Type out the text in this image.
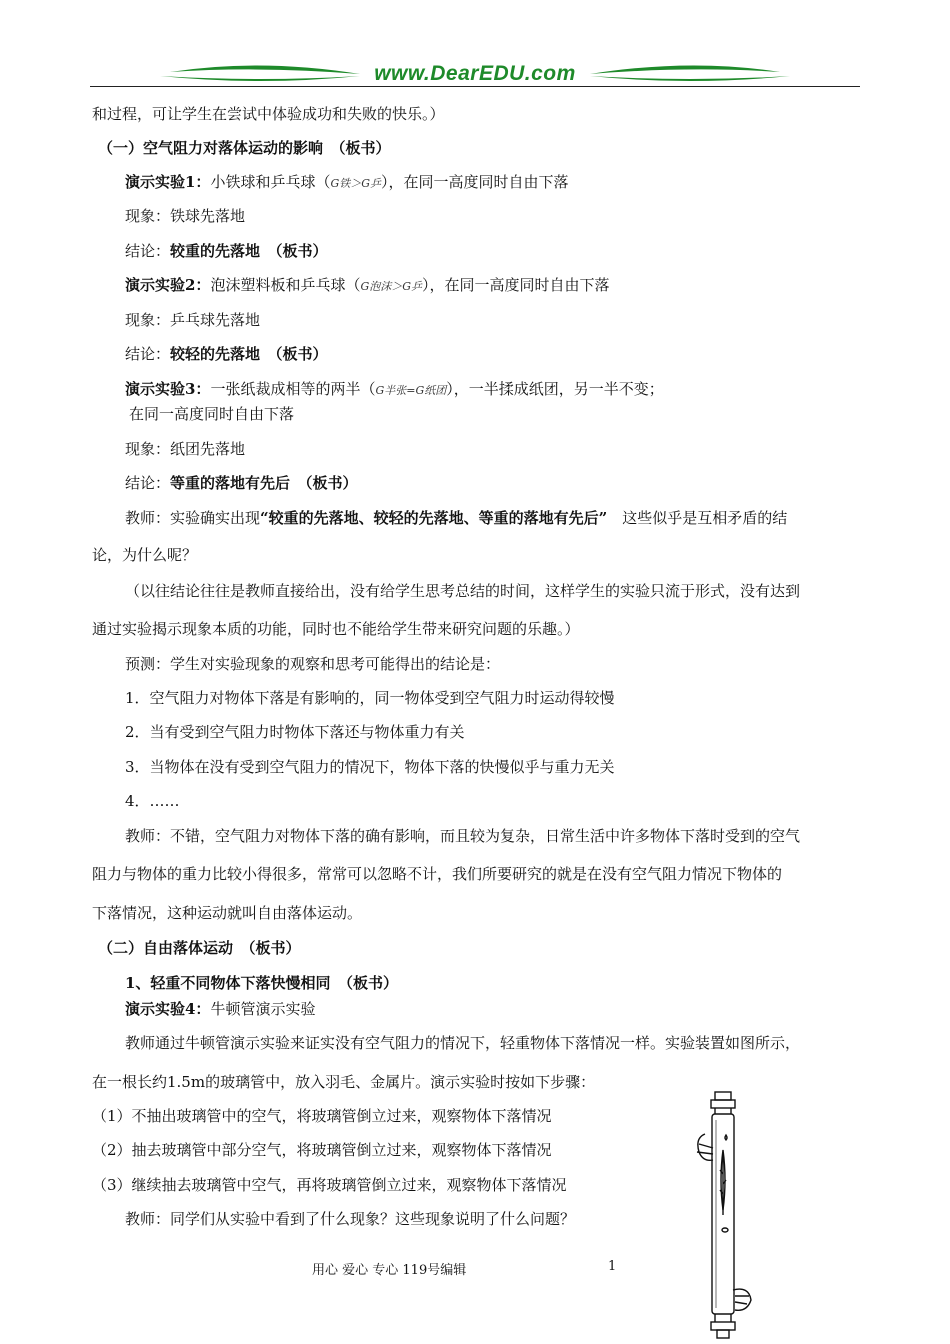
www.DearEDU.com
和过程，可让学生在尝试中体验成功和失败的快乐。）
（一）空气阻力对落体运动的影响　（板书）
演示实验1：小铁球和乒乓球（G铁＞G乒），在同一高度同时自由下落
现象：铁球先落地
结论：较重的先落地　（板书）
演示实验2：泡沫塑料板和乒乓球（G泡沫＞G乒），在同一高度同时自由下落
现象：乒乓球先落地
结论：较轻的先落地　（板书）
演示实验3：一张纸裁成相等的两半（G半张=G纸团），一半揉成纸团，另一半不变；
在同一高度同时自由下落
现象：纸团先落地
结论：等重的落地有先后　（板书）
教师：实验确实出现“较重的先落地、较轻的先落地、等重的落地有先后”　这些似乎是互相矛盾的结
论，为什么呢？
（以往结论往往是教师直接给出，没有给学生思考总结的时间，这样学生的实验只流于形式，没有达到
通过实验揭示现象本质的功能，同时也不能给学生带来研究问题的乐趣。）
预测：学生对实验现象的观察和思考可能得出的结论是：
1．空气阻力对物体下落是有影响的，同一物体受到空气阻力时运动得较慢
2．当有受到空气阻力时物体下落还与物体重力有关
3．当物体在没有受到空气阻力的情况下，物体下落的快慢似乎与重力无关
4．……
教师：不错，空气阻力对物体下落的确有影响，而且较为复杂，日常生活中许多物体下落时受到的空气
阻力与物体的重力比较小得很多，常常可以忽略不计，我们所要研究的就是在没有空气阻力情况下物体的
下落情况，这种运动就叫自由落体运动。
（二）自由落体运动　（板书）
1、轻重不同物体下落快慢相同　（板书）
演示实验4：牛顿管演示实验
教师通过牛顿管演示实验来证实没有空气阻力的情况下，轻重物体下落情况一样。实验装置如图所示，
在一根长约1.5m的玻璃管中，放入羽毛、金属片。演示实验时按如下步骤：
（1）不抽出玻璃管中的空气，将玻璃管倒立过来，观察物体下落情况
（2）抽去玻璃管中部分空气，将玻璃管倒立过来，观察物体下落情况
（3）继续抽去玻璃管中空气，再将玻璃管倒立过来，观察物体下落情况
教师：同学们从实验中看到了什么现象？这些现象说明了什么问题？
用心 爱心 专心 119号编辑	1
